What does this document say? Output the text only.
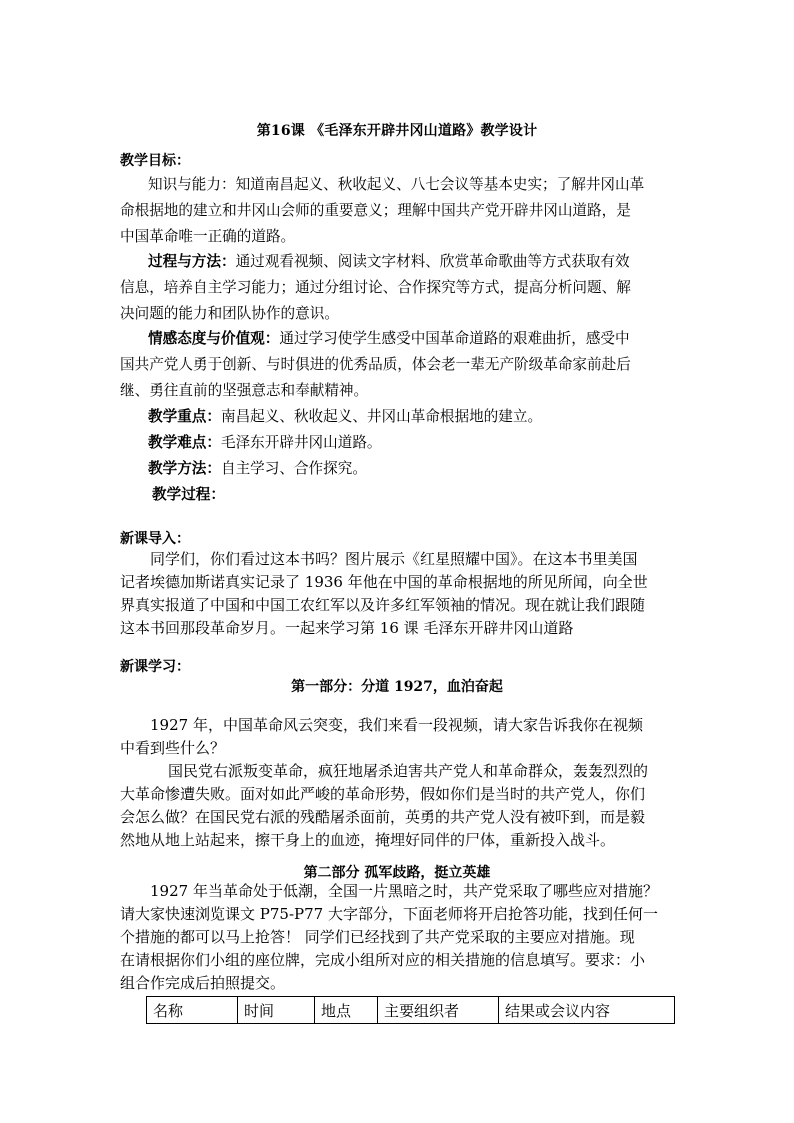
第16课 《毛泽东开辟井冈山道路》教学设计
教学目标：
知识与能力：知道南昌起义、秋收起义、八七会议等基本史实；了解井冈山革
命根据地的建立和井冈山会师的重要意义；理解中国共产党开辟井冈山道路，是
中国革命唯一正确的道路。
过程与方法：通过观看视频、阅读文字材料、欣赏革命歌曲等方式获取有效
信息，培养自主学习能力；通过分组讨论、合作探究等方式，提高分析问题、解
决问题的能力和团队协作的意识。
情感态度与价值观：通过学习使学生感受中国革命道路的艰难曲折，感受中
国共产党人勇于创新、与时俱进的优秀品质，体会老一辈无产阶级革命家前赴后
继、勇往直前的坚强意志和奉献精神。
教学重点：南昌起义、秋收起义、井冈山革命根据地的建立。
教学难点：毛泽东开辟井冈山道路。
教学方法：自主学习、合作探究。
教学过程：
新课导入：
同学们，你们看过这本书吗？图片展示《红星照耀中国》。在这本书里美国
记者埃德加斯诺真实记录了 1936 年他在中国的革命根据地的所见所闻，向全世
界真实报道了中国和中国工农红军以及许多红军领袖的情况。现在就让我们跟随
这本书回那段革命岁月。一起来学习第 16 课 毛泽东开辟井冈山道路
新课学习：
第一部分：分道 1927，血泊奋起
1927 年，中国革命风云突变，我们来看一段视频，请大家告诉我你在视频
中看到些什么？
国民党右派叛变革命，疯狂地屠杀迫害共产党人和革命群众，轰轰烈烈的
大革命惨遭失败。面对如此严峻的革命形势，假如你们是当时的共产党人，你们
会怎么做？在国民党右派的残酷屠杀面前，英勇的共产党人没有被吓到，而是毅
然地从地上站起来，擦干身上的血迹，掩埋好同伴的尸体，重新投入战斗。
第二部分 孤军歧路，挺立英雄
1927 年当革命处于低潮，全国一片黑暗之时，共产党采取了哪些应对措施？
请大家快速浏览课文 P75-P77 大字部分，下面老师将开启抢答功能，找到任何一
个措施的都可以马上抢答！ 同学们已经找到了共产党采取的主要应对措施。现
在请根据你们小组的座位牌，完成小组所对应的相关措施的信息填写。要求：小
组合作完成后拍照提交。
名称	时间	地点	主要组织者	结果或会议内容
